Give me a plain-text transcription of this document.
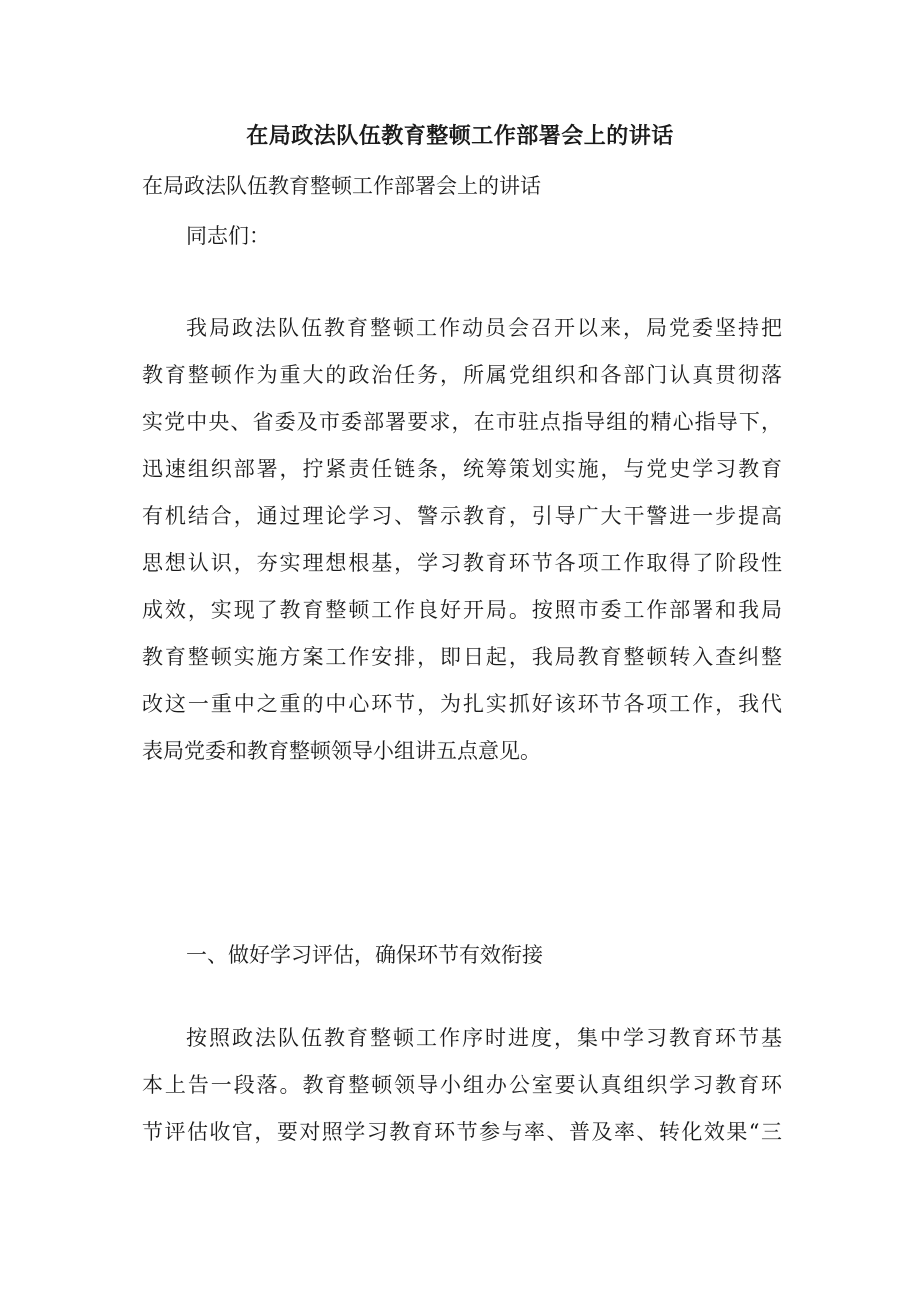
在局政法队伍教育整顿工作部署会上的讲话

在局政法队伍教育整顿工作部署会上的讲话

同志们：

我局政法队伍教育整顿工作动员会召开以来，局党委坚持把
教育整顿作为重大的政治任务，所属党组织和各部门认真贯彻落
实党中央、省委及市委部署要求，在市驻点指导组的精心指导下，
迅速组织部署，拧紧责任链条，统筹策划实施，与党史学习教育
有机结合，通过理论学习、警示教育，引导广大干警进一步提高
思想认识，夯实理想根基，学习教育环节各项工作取得了阶段性
成效，实现了教育整顿工作良好开局。按照市委工作部署和我局
教育整顿实施方案工作安排，即日起，我局教育整顿转入查纠整
改这一重中之重的中心环节，为扎实抓好该环节各项工作，我代
表局党委和教育整顿领导小组讲五点意见。
一、做好学习评估，确保环节有效衔接
按照政法队伍教育整顿工作序时进度，集中学习教育环节基
本上告一段落。教育整顿领导小组办公室要认真组织学习教育环
节评估收官，要对照学习教育环节参与率、普及率、转化效果“三
